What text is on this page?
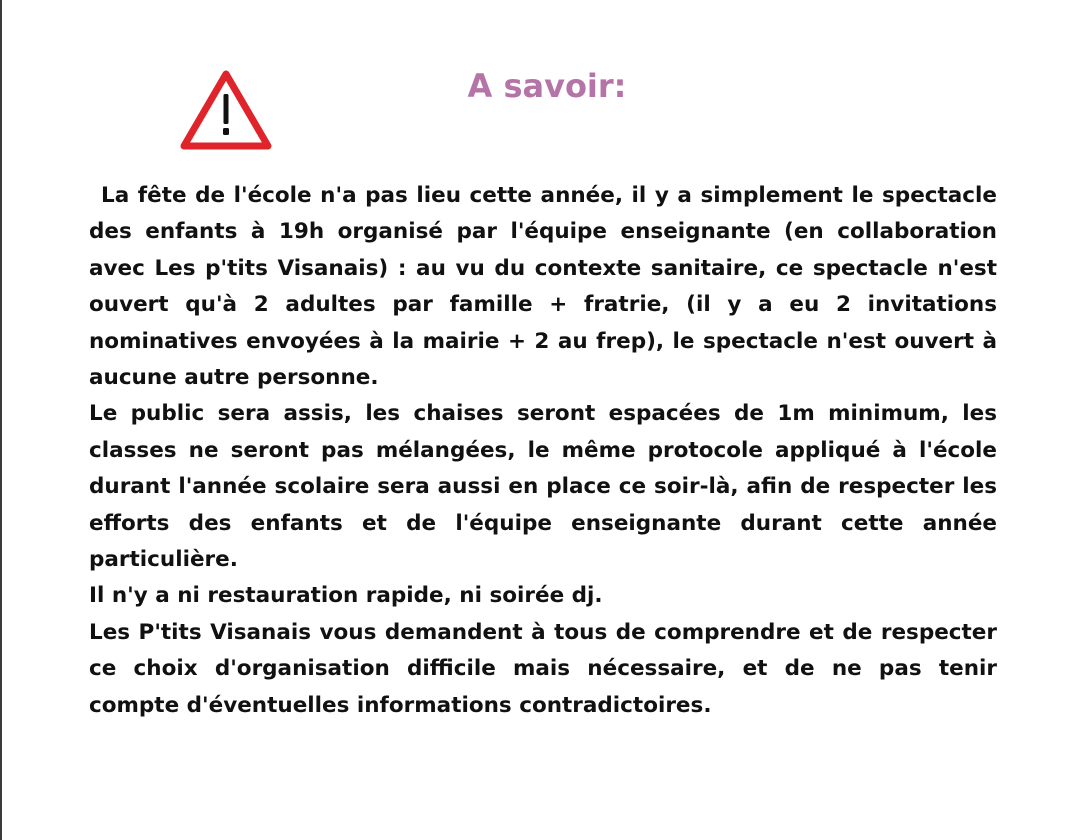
A savoir:

La fête de l'école n'a pas lieu cette année, il y a simplement le spectacle des enfants à 19h organisé par l'équipe enseignante (en collaboration avec Les p'tits Visanais) : au vu du contexte sanitaire, ce spectacle n'est ouvert qu'à 2 adultes par famille + fratrie, (il y a eu 2 invitations nominatives envoyées à la mairie + 2 au frep), le spectacle n'est ouvert à aucune autre personne.

Le public sera assis, les chaises seront espacées de 1m minimum, les classes ne seront pas mélangées, le même protocole appliqué à l'école durant l'année scolaire sera aussi en place ce soir-là, afin de respecter les efforts des enfants et de l'équipe enseignante durant cette année particulière.

Il n'y a ni restauration rapide, ni soirée dj.

Les P'tits Visanais vous demandent à tous de comprendre et de respecter ce choix d'organisation difficile mais nécessaire, et de ne pas tenir compte d'éventuelles informations contradictoires.
